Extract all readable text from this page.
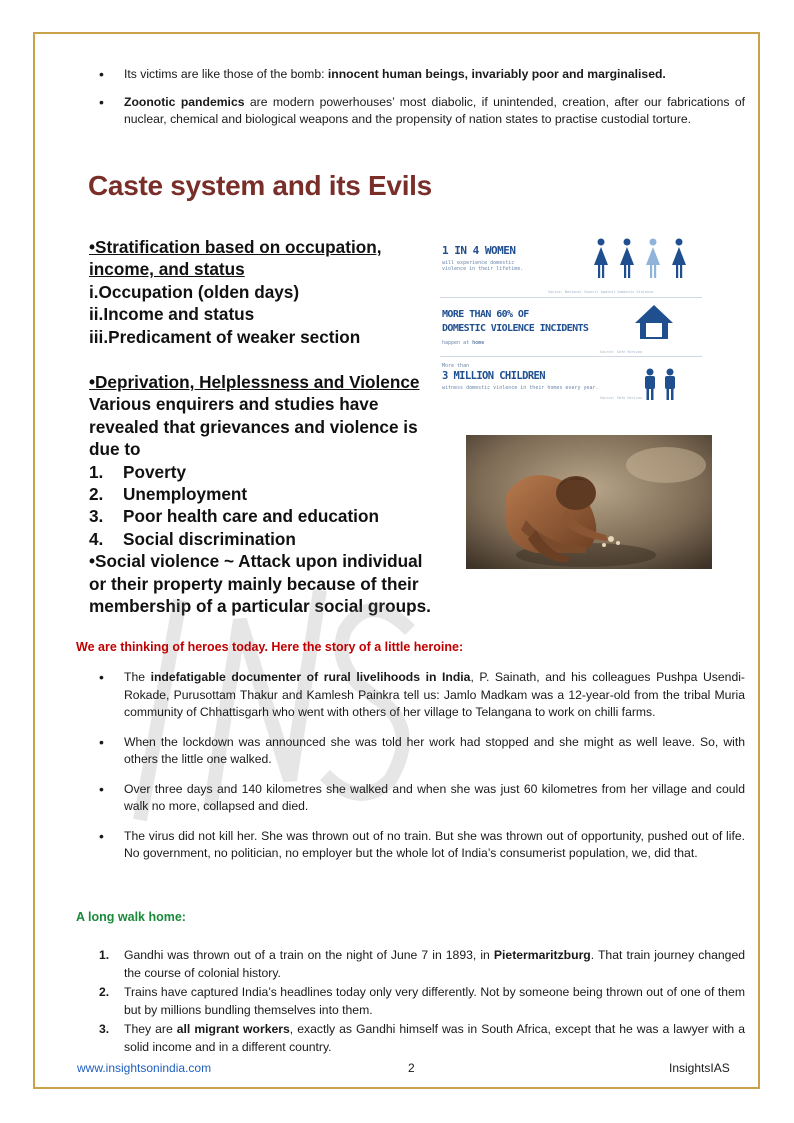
• Its victims are like those of the bomb: innocent human beings, invariably poor and marginalised.
• Zoonotic pandemics are modern powerhouses’ most diabolic, if unintended, creation, after our fabrications of nuclear, chemical and biological weapons and the propensity of nation states to practise custodial torture.
Caste system and its Evils
•Stratification based on occupation,
income, and status
i.Occupation (olden days)
ii.Income and status
iii.Predicament of weaker section
•Deprivation, Helplessness and Violence
Various enquirers and studies have
revealed that grievances and violence is
due to
1. Poverty
2. Unemployment
3. Poor health care and education
4. Social discrimination
•Social violence ~ Attack upon individual
or their property mainly because of their
membership of a particular social groups.
1 IN 4 WOMEN
will experience domestic violence in their lifetime.
Source: National Council Against Domestic Violence
MORE THAN 60% OF
DOMESTIC VIOLENCE INCIDENTS
happen at home
Source: Safe Horizon
More than
3 MILLION CHILDREN
witness domestic violence in their homes every year.
Source: Safe Horizon
We are thinking of heroes today. Here the story of a little heroine:
• The indefatigable documenter of rural livelihoods in India, P. Sainath, and his colleagues Pushpa Usendi-Rokade, Purusottam Thakur and Kamlesh Painkra tell us: Jamlo Madkam was a 12-year-old from the tribal Muria community of Chhattisgarh who went with others of her village to Telangana to work on chilli farms.
• When the lockdown was announced she was told her work had stopped and she might as well leave. So, with others the little one walked.
• Over three days and 140 kilometres she walked and when she was just 60 kilometres from her village and could walk no more, collapsed and died.
• The virus did not kill her. She was thrown out of no train. But she was thrown out of opportunity, pushed out of life. No government, no politician, no employer but the whole lot of India’s consumerist population, we, did that.
A long walk home:
1. Gandhi was thrown out of a train on the night of June 7 in 1893, in Pietermaritzburg. That train journey changed the course of colonial history.
2. Trains have captured India’s headlines today only very differently. Not by someone being thrown out of one of them but by millions bundling themselves into them.
3. They are all migrant workers, exactly as Gandhi himself was in South Africa, except that he was a lawyer with a solid income and in a different country.
www.insightsonindia.com	2	InsightsIAS
